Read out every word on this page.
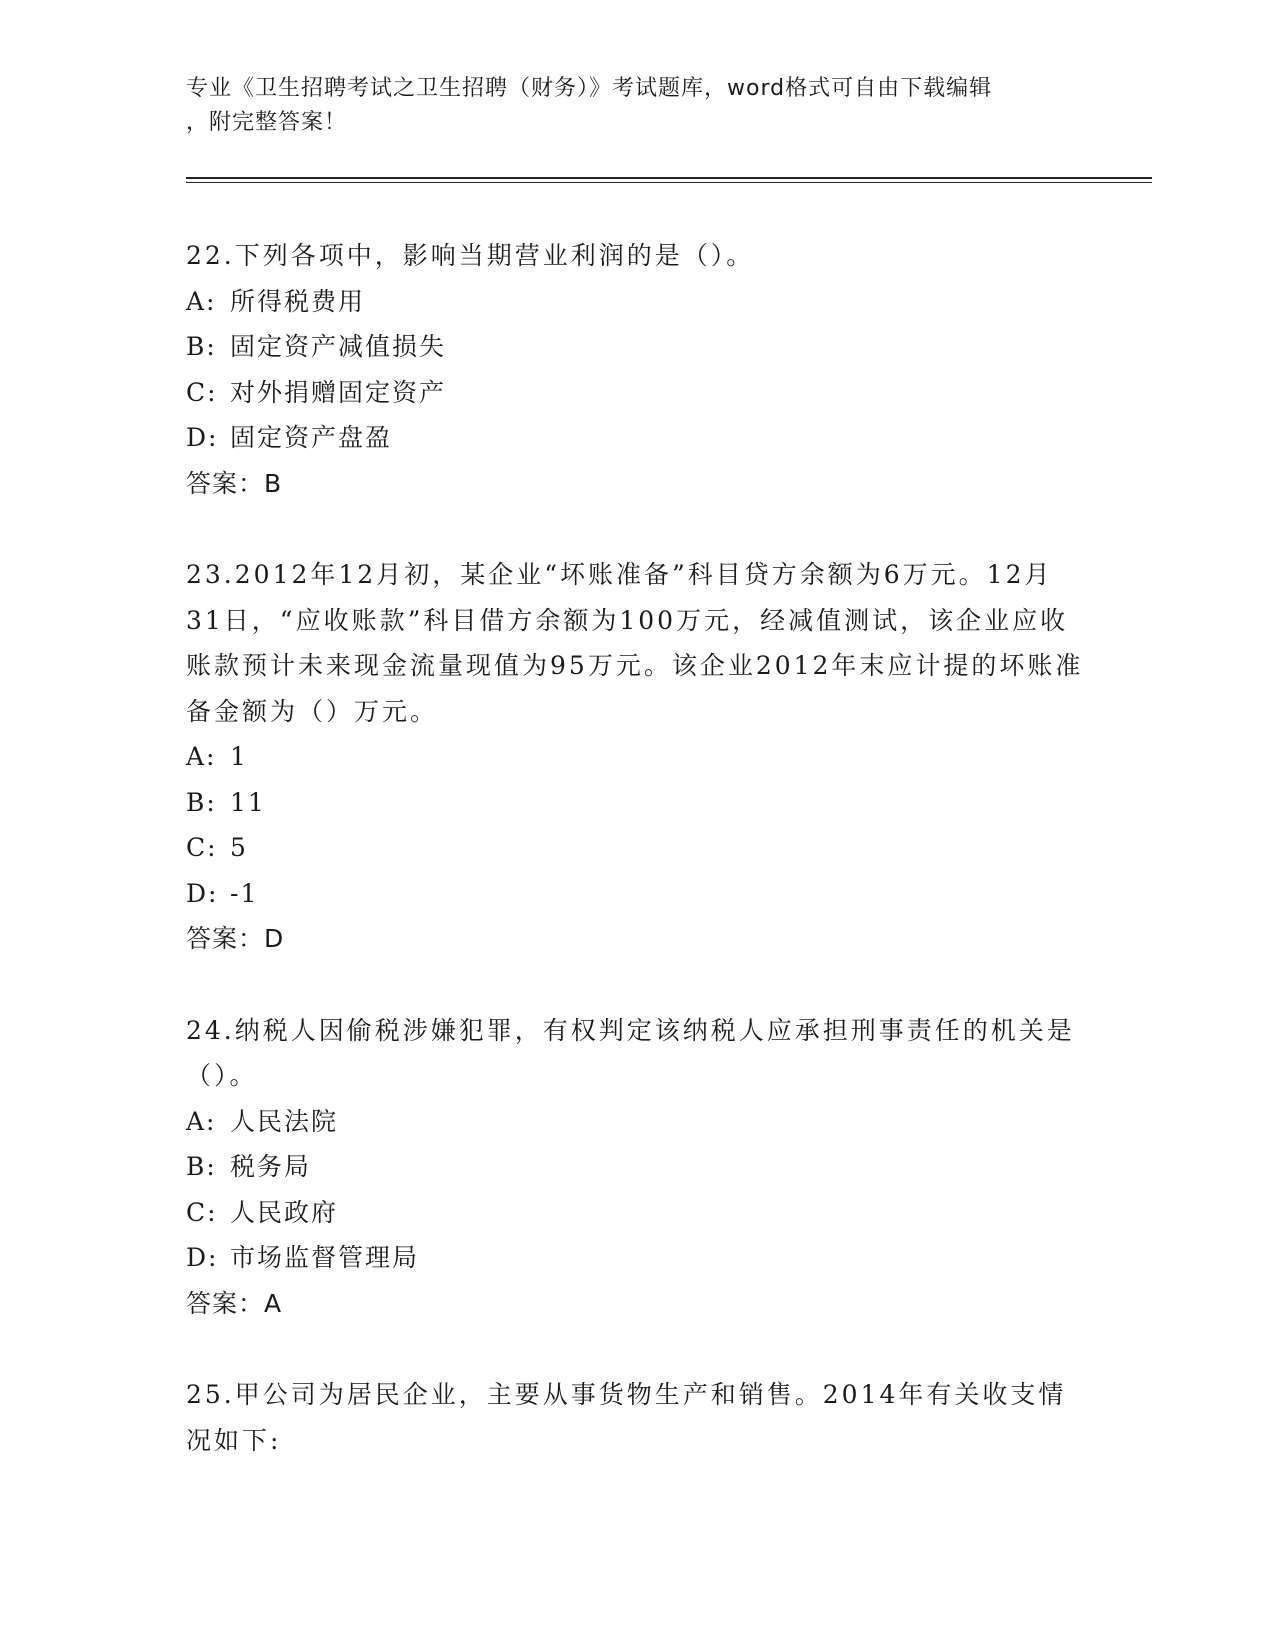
专业《卫生招聘考试之卫生招聘（财务）》考试题库，word格式可自由下载编辑
，附完整答案！
22.下列各项中，影响当期营业利润的是（）。
A: 所得税费用
B: 固定资产减值损失
C: 对外捐赠固定资产
D: 固定资产盘盈
答案：B
23.2012年12月初，某企业“坏账准备”科目贷方余额为6万元。12月31日，“应收账款”科目借方余额为100万元，经减值测试，该企业应收账款预计未来现金流量现值为95万元。该企业2012年末应计提的坏账准备金额为（）万元。
A: 1
B: 11
C: 5
D: -1
答案：D
24.纳税人因偷税涉嫌犯罪，有权判定该纳税人应承担刑事责任的机关是（）。
A: 人民法院
B: 税务局
C: 人民政府
D: 市场监督管理局
答案：A
25.甲公司为居民企业，主要从事货物生产和销售。2014年有关收支情况如下:
